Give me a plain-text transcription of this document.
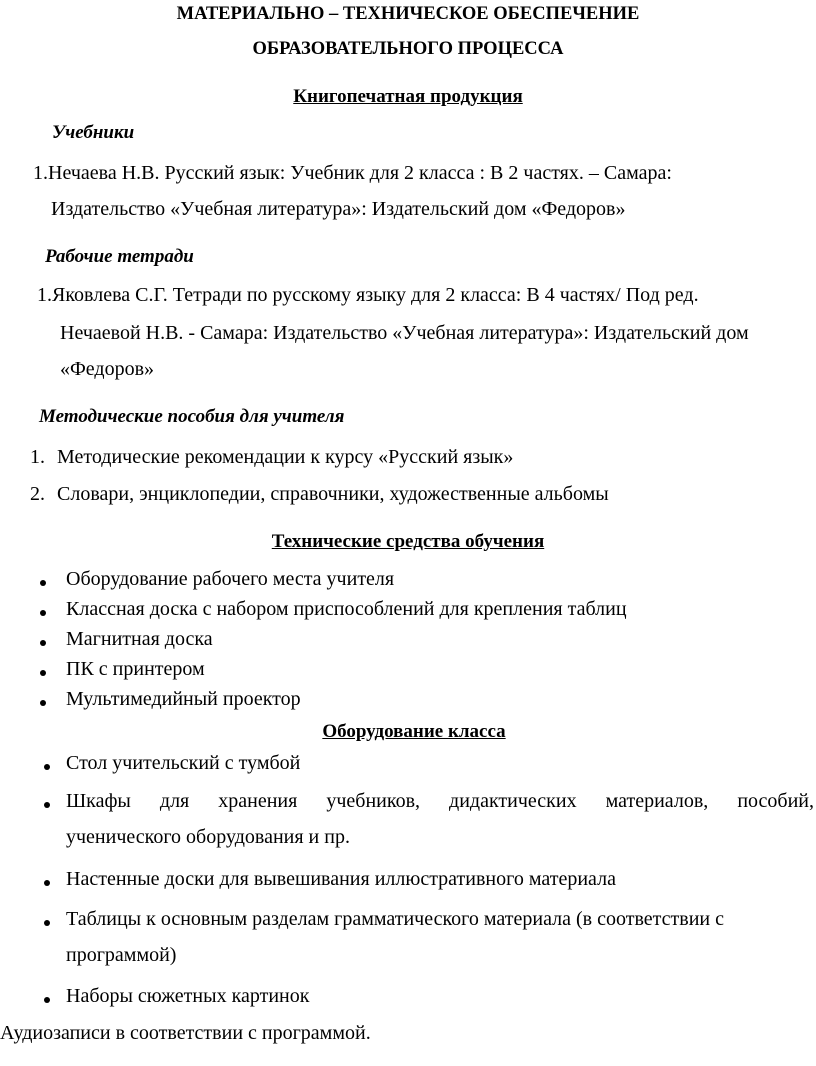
МАТЕРИАЛЬНО – ТЕХНИЧЕСКОЕ ОБЕСПЕЧЕНИЕ
ОБРАЗОВАТЕЛЬНОГО ПРОЦЕССА
Книгопечатная продукция
Учебники
1.Нечаева Н.В. Русский язык: Учебник для 2 класса : В 2 частях. – Самара:
Издательство «Учебная литература»: Издательский дом «Федоров»
Рабочие тетради
1.Яковлева С.Г. Тетради по русскому языку для 2 класса: В 4 частях/ Под ред.
Нечаевой Н.В. - Самара: Издательство «Учебная литература»: Издательский дом
«Федоров»
Методические пособия для учителя
1. Методические рекомендации к курсу «Русский язык»
2. Словари, энциклопедии, справочники, художественные альбомы
Технические средства обучения
Оборудование рабочего места учителя
Классная доска с набором приспособлений для крепления таблиц
Магнитная доска
ПК с принтером
Мультимедийный проектор
Оборудование класса
Стол учительский с тумбой
Шкафы для хранения учебников, дидактических материалов, пособий,
ученического оборудования и пр.
Настенные доски для вывешивания иллюстративного материала
Таблицы к основным разделам грамматического материала (в соответствии с
программой)
Наборы сюжетных картинок
Аудиозаписи в соответствии с программой.
